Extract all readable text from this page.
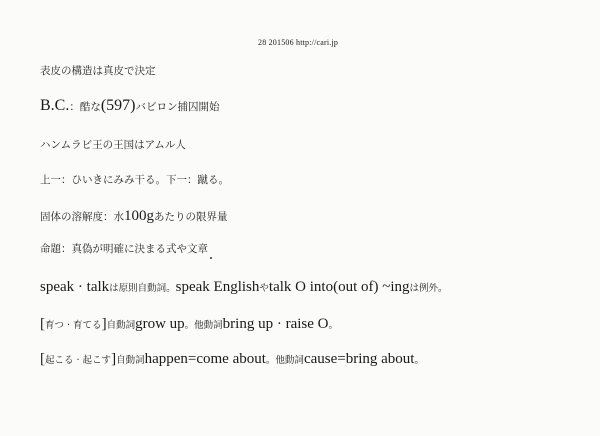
28 201506 http://cari.jp
表皮の構造は真皮で決定
B.C.：酷な(597)バビロン捕囚開始
ハンムラビ王の王国はアムル人
上一：ひいきにみみ干る。下一：蹴る。
固体の溶解度：水100gあたりの限界量
命題：真偽が明確に決まる式や文章
speak · talkは原則自動詞。speak Englishやtalk O into(out of) ~ingは例外。
[育つ · 育てる]自動詞grow up。他動詞bring up · raise O。
[起こる · 起こす]自動詞happen=come about。他動詞cause=bring about。
